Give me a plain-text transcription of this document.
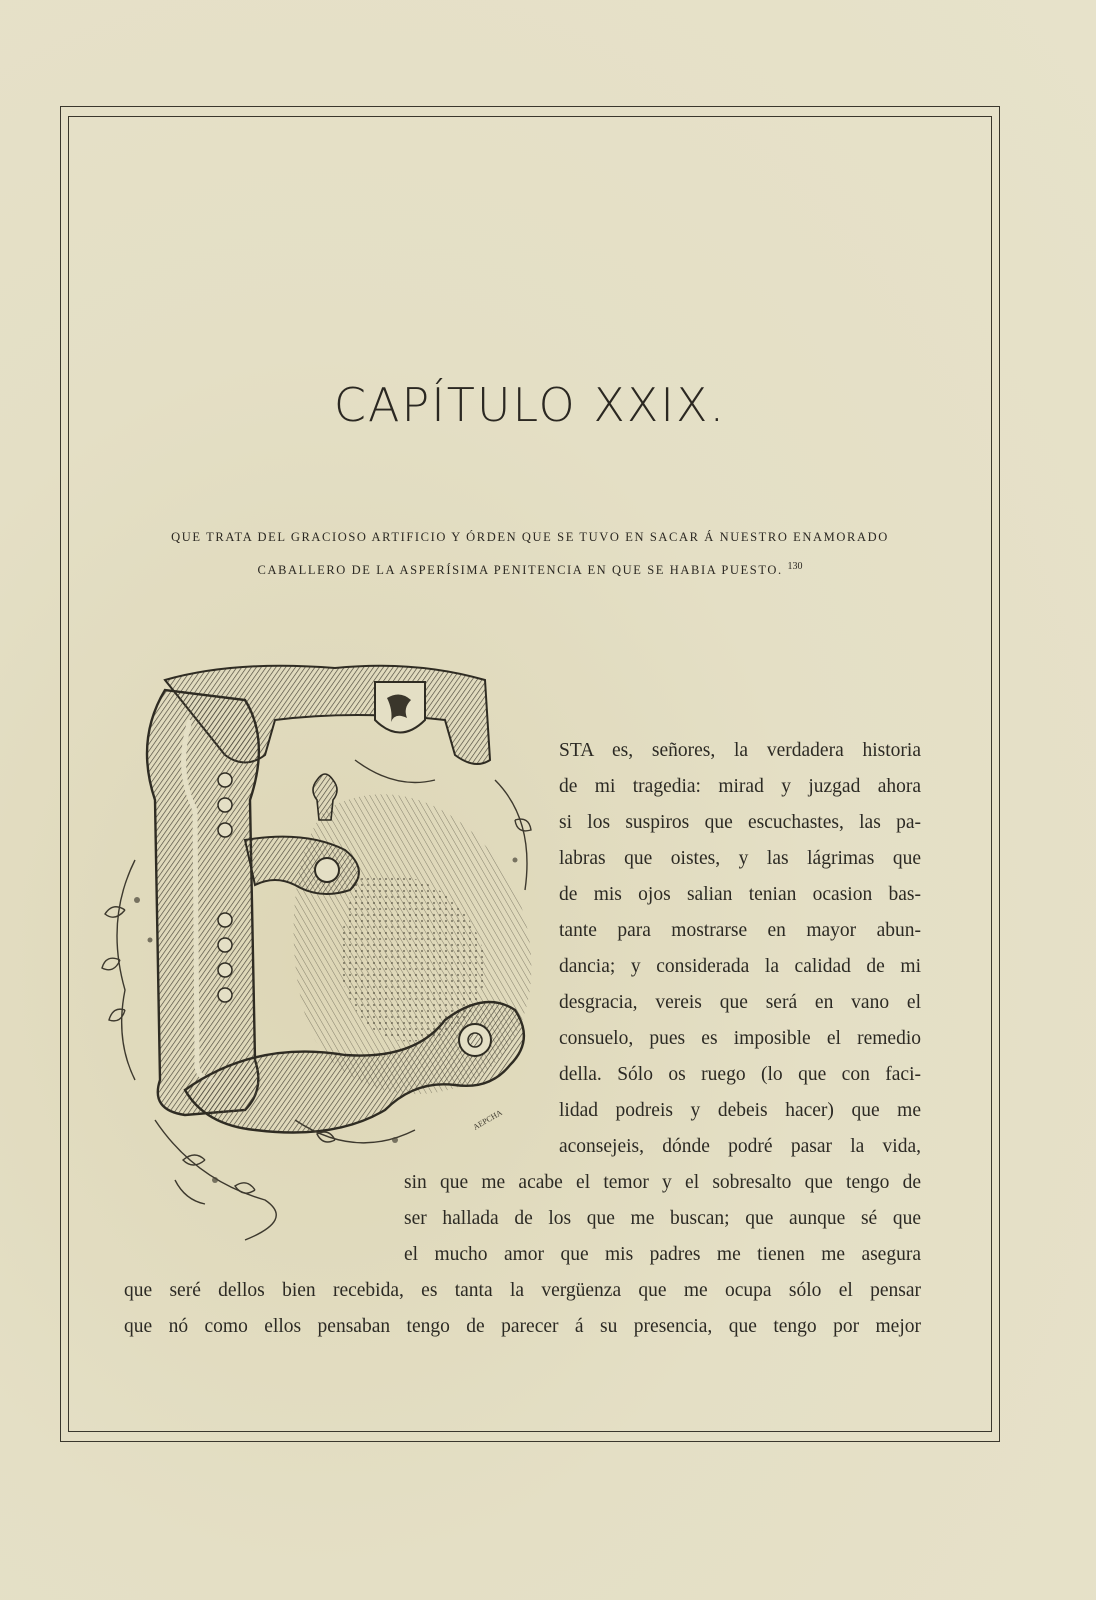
CAPÍTULO XXIX.
QUE TRATA DEL GRACIOSO ARTIFICIO Y ÓRDEN QUE SE TUVO EN SACAR Á NUESTRO ENAMORADO
CABALLERO DE LA ASPERÍSIMA PENITENCIA EN QUE SE HABIA PUESTO. $^{130}$
AEPCHA
STA es, señores, la verdadera historia
de mi tragedia: mirad y juzgad ahora
si los suspiros que escuchastes, las pa-
labras que oistes, y las lágrimas que
de mis ojos salian tenian ocasion bas-
tante para mostrarse en mayor abun-
dancia; y considerada la calidad de mi
desgracia, vereis que será en vano el
consuelo, pues es imposible el remedio
della. Sólo os ruego (lo que con faci-
lidad podreis y debeis hacer) que me
aconsejeis, dónde podré pasar la vida,
sin que me acabe el temor y el sobresalto que tengo de
ser hallada de los que me buscan; que aunque sé que
el mucho amor que mis padres me tienen me asegura
que seré dellos bien recebida, es tanta la vergüenza que me ocupa sólo el pensar
que nó como ellos pensaban tengo de parecer á su presencia, que tengo por mejor
